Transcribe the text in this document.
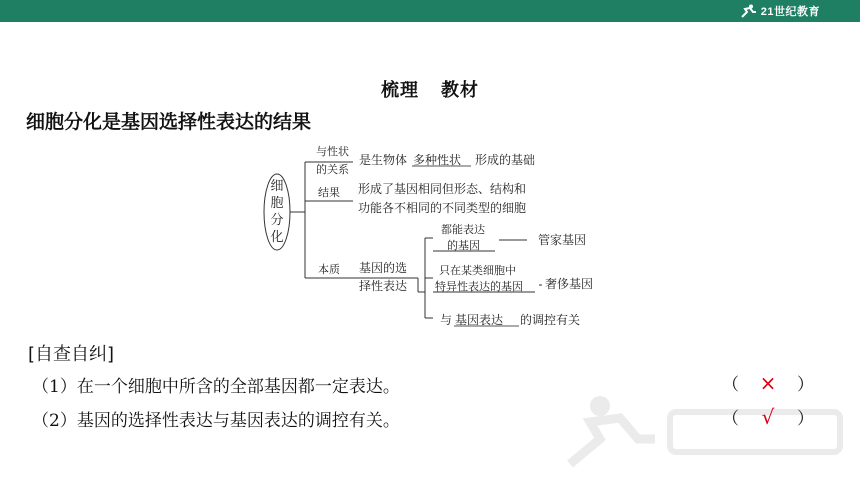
21世纪教育
梳理 教材
细胞分化是基因选择性表达的结果
细
胞
分
化
与性状
的关系
是生物体 多种性状 形成的基础
结果 形成了基因相同但形态、结构和
功能各不相同的不同类型的细胞
本质 基因的选
择性表达
都能表达
的基因	管家基因
只在某类细胞中
特异性表达的基因 奢侈基因
与 基因表达 的调控有关
[自查自纠]
（1）在一个细胞中所含的全部基因都一定表达。	（ × ）
（2）基因的选择性表达与基因表达的调控有关。	（ √ ）
